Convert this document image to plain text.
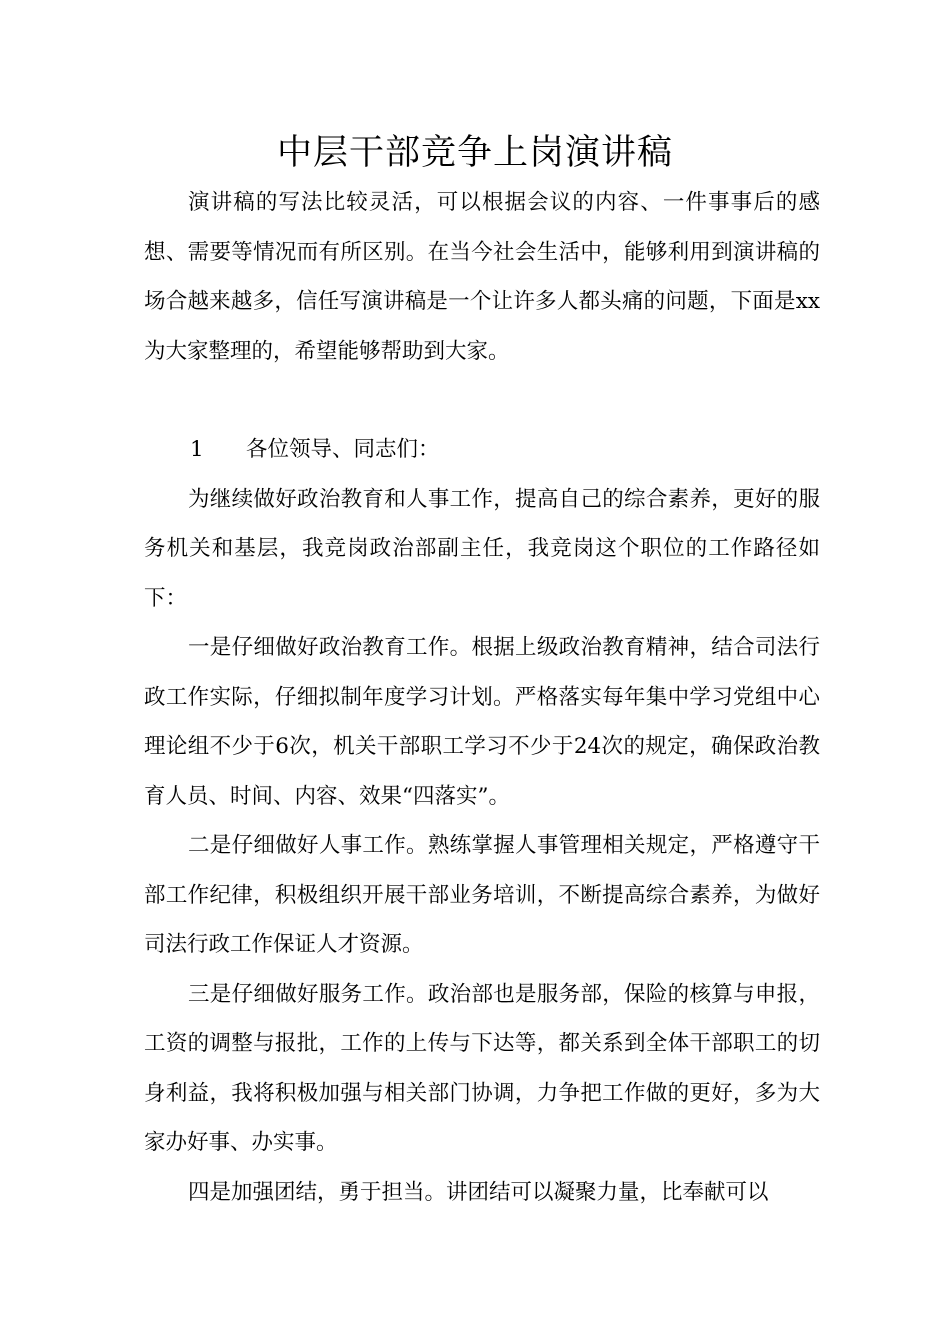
中层干部竞争上岗演讲稿

演讲稿的写法比较灵活，可以根据会议的内容、一件事事后的感想、需要等情况而有所区别。在当今社会生活中，能够利用到演讲稿的场合越来越多，信任写演讲稿是一个让许多人都头痛的问题，下面是xx为大家整理的，希望能够帮助到大家。

1 各位领导、同志们：

为继续做好政治教育和人事工作，提高自己的综合素养，更好的服务机关和基层，我竞岗政治部副主任，我竞岗这个职位的工作路径如下：

一是仔细做好政治教育工作。根据上级政治教育精神，结合司法行政工作实际，仔细拟制年度学习计划。严格落实每年集中学习党组中心理论组不少于6次，机关干部职工学习不少于24次的规定，确保政治教育人员、时间、内容、效果“四落实”。

二是仔细做好人事工作。熟练掌握人事管理相关规定，严格遵守干部工作纪律，积极组织开展干部业务培训，不断提高综合素养，为做好司法行政工作保证人才资源。

三是仔细做好服务工作。政治部也是服务部，保险的核算与申报，工资的调整与报批，工作的上传与下达等，都关系到全体干部职工的切身利益，我将积极加强与相关部门协调，力争把工作做的更好，多为大家办好事、办实事。

四是加强团结，勇于担当。讲团结可以凝聚力量，比奉献可以
